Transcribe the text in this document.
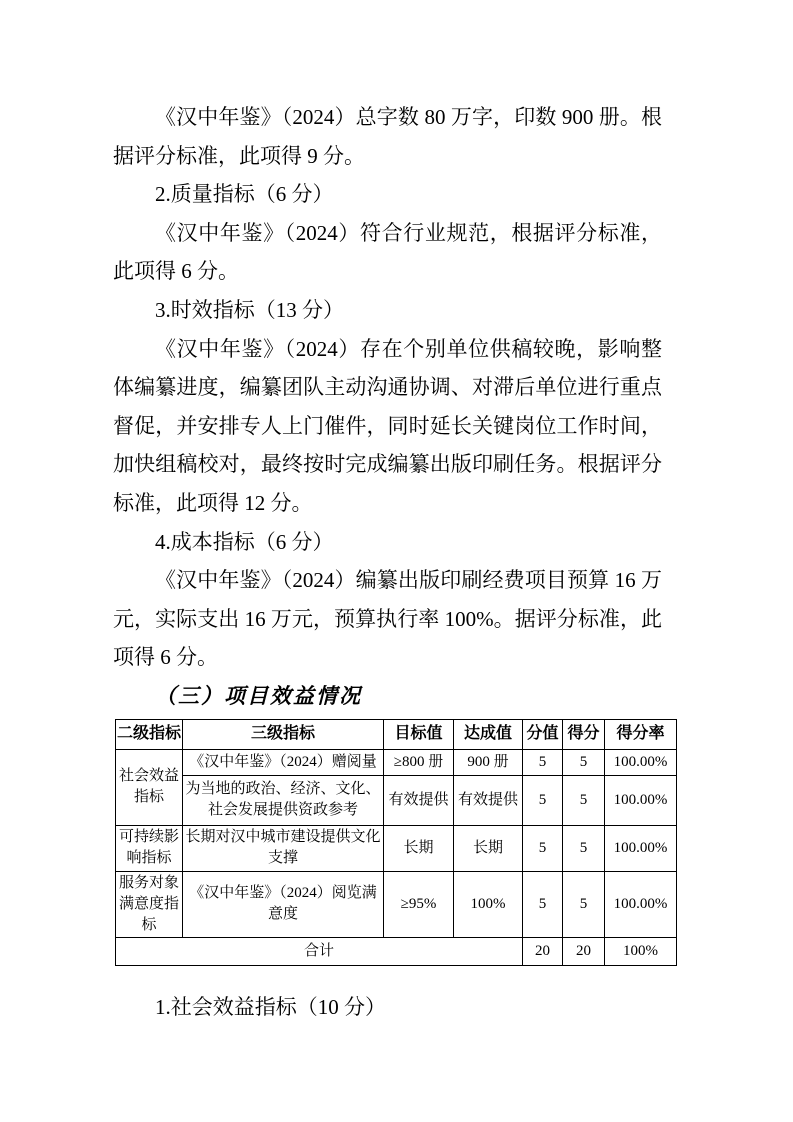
《汉中年鉴》（2024）总字数 80 万字，印数 900 册。根据评分标准，此项得 9 分。

2.质量指标（6 分）

《汉中年鉴》（2024）符合行业规范，根据评分标准，此项得 6 分。

3.时效指标（13 分）

《汉中年鉴》（2024）存在个别单位供稿较晚，影响整体编纂进度，编纂团队主动沟通协调、对滞后单位进行重点督促，并安排专人上门催件，同时延长关键岗位工作时间，加快组稿校对，最终按时完成编纂出版印刷任务。根据评分标准，此项得 12 分。

4.成本指标（6 分）

《汉中年鉴》（2024）编纂出版印刷经费项目预算 16 万元，实际支出 16 万元，预算执行率 100%。据评分标准，此项得 6 分。

（三）项目效益情况

二级指标	三级指标	目标值	达成值	分值	得分	得分率
社会效益指标	《汉中年鉴》（2024）赠阅量	≥800 册	900 册	5	5	100.00%
	为当地的政治、经济、文化、社会发展提供资政参考	有效提供	有效提供	5	5	100.00%
可持续影响指标	长期对汉中城市建设提供文化支撑	长期	长期	5	5	100.00%
服务对象满意度指标	《汉中年鉴》（2024）阅览满意度	≥95%	100%	5	5	100.00%
合计				20	20	100%

1.社会效益指标（10 分）
